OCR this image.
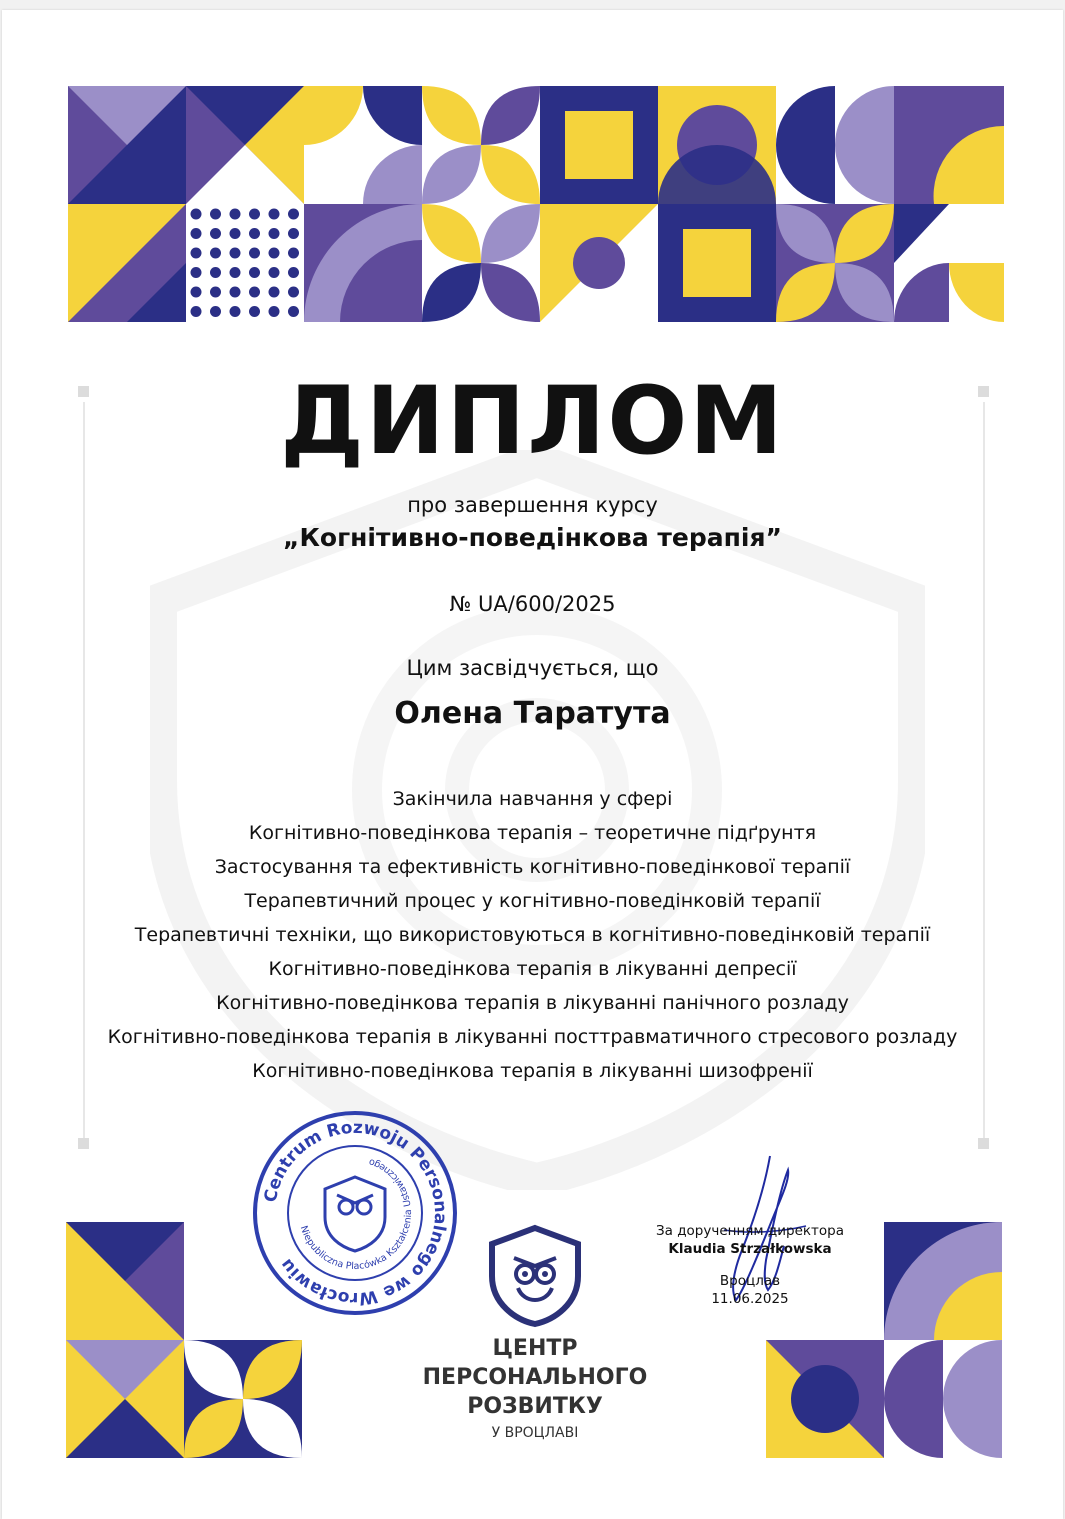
ДИПЛОМ
про завершення курсу
„Когнітивно-поведінкова терапія”
№ UA/600/2025
Цим засвідчується, що
Олена Таратута
Закінчила навчання у сфері
Когнітивно-поведінкова терапія – теоретичне підґрунтя
Застосування та ефективність когнітивно-поведінкової терапії
Терапевтичний процес у когнітивно-поведінковій терапії
Терапевтичні техніки, що використовуються в когнітивно-поведінковій терапії
Когнітивно-поведінкова терапія в лікуванні депресії
Когнітивно-поведінкова терапія в лікуванні панічного розладу
Когнітивно-поведінкова терапія в лікуванні посттравматичного стресового розладу
Когнітивно-поведінкова терапія в лікуванні шизофренії
Centrum Rozwoju Personalnego we Wrocławiu
Niepubliczna Placówka Kształcenia Ustawicznego
ЦЕНТР
ПЕРСОНАЛЬНОГО
РОЗВИТКУ
У ВРОЦЛАВІ
За дорученням директора
Klaudia Strzałkowska
Вроцлав
11.06.2025
